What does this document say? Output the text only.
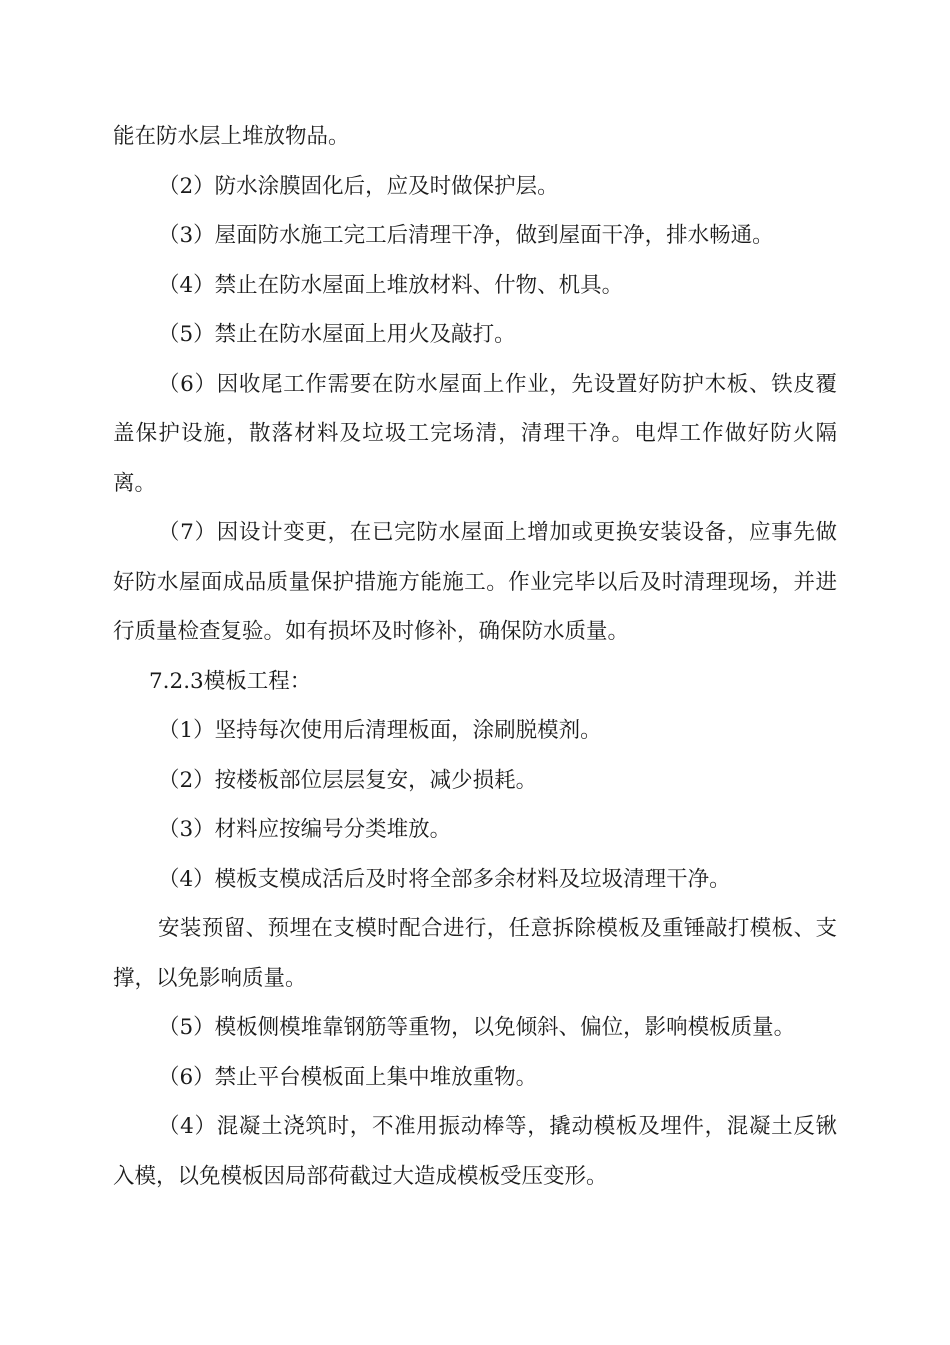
能在防水层上堆放物品。

（2）防水涂膜固化后，应及时做保护层。

（3）屋面防水施工完工后清理干净，做到屋面干净，排水畅通。

（4）禁止在防水屋面上堆放材料、什物、机具。

（5）禁止在防水屋面上用火及敲打。

（6）因收尾工作需要在防水屋面上作业，先设置好防护木板、铁皮覆盖保护设施，散落材料及垃圾工完场清，清理干净。电焊工作做好防火隔离。

（7）因设计变更，在已完防水屋面上增加或更换安装设备，应事先做好防水屋面成品质量保护措施方能施工。作业完毕以后及时清理现场，并进行质量检查复验。如有损坏及时修补，确保防水质量。

7.2.3模板工程：

（1）坚持每次使用后清理板面，涂刷脱模剂。

（2）按楼板部位层层复安，减少损耗。

（3）材料应按编号分类堆放。

（4）模板支模成活后及时将全部多余材料及垃圾清理干净。

安装预留、预埋在支模时配合进行，任意拆除模板及重锤敲打模板、支撑，以免影响质量。

（5）模板侧模堆靠钢筋等重物，以免倾斜、偏位，影响模板质量。

（6）禁止平台模板面上集中堆放重物。

（4）混凝土浇筑时，不准用振动棒等，撬动模板及埋件，混凝土反锹入模，以免模板因局部荷截过大造成模板受压变形。
